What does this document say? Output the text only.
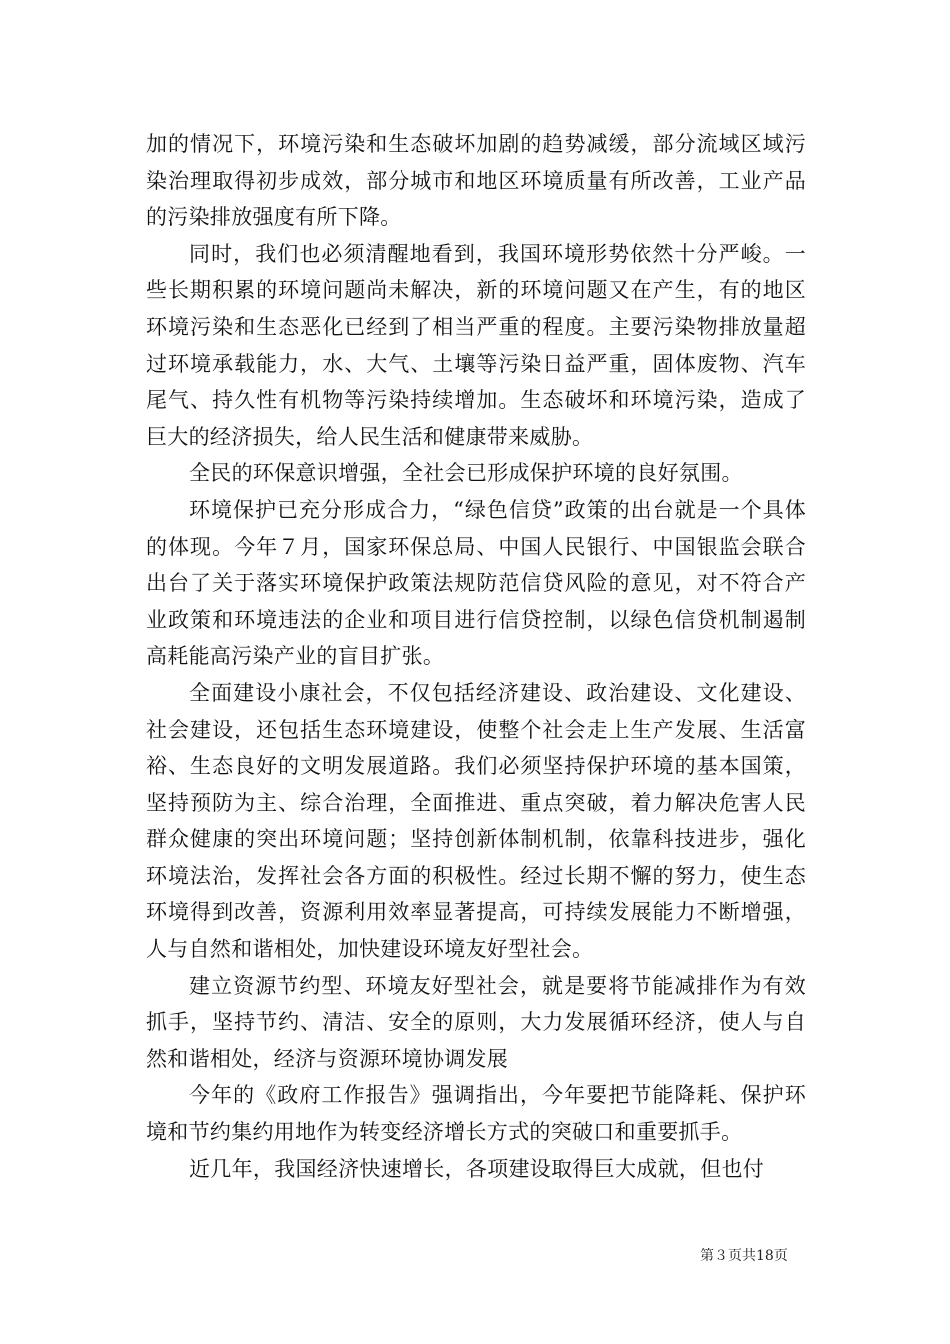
加的情况下，环境污染和生态破坏加剧的趋势减缓，部分流域区域污染治理取得初步成效，部分城市和地区环境质量有所改善，工业产品的污染排放强度有所下降。

同时，我们也必须清醒地看到，我国环境形势依然十分严峻。一些长期积累的环境问题尚未解决，新的环境问题又在产生，有的地区环境污染和生态恶化已经到了相当严重的程度。主要污染物排放量超过环境承载能力，水、大气、土壤等污染日益严重，固体废物、汽车尾气、持久性有机物等污染持续增加。生态破坏和环境污染，造成了巨大的经济损失，给人民生活和健康带来威胁。

全民的环保意识增强，全社会已形成保护环境的良好氛围。

环境保护已充分形成合力，“绿色信贷”政策的出台就是一个具体的体现。今年７月，国家环保总局、中国人民银行、中国银监会联合出台了关于落实环境保护政策法规防范信贷风险的意见，对不符合产业政策和环境违法的企业和项目进行信贷控制，以绿色信贷机制遏制高耗能高污染产业的盲目扩张。

全面建设小康社会，不仅包括经济建设、政治建设、文化建设、社会建设，还包括生态环境建设，使整个社会走上生产发展、生活富裕、生态良好的文明发展道路。我们必须坚持保护环境的基本国策，坚持预防为主、综合治理，全面推进、重点突破，着力解决危害人民群众健康的突出环境问题；坚持创新体制机制，依靠科技进步，强化环境法治，发挥社会各方面的积极性。经过长期不懈的努力，使生态环境得到改善，资源利用效率显著提高，可持续发展能力不断增强，人与自然和谐相处，加快建设环境友好型社会。

建立资源节约型、环境友好型社会，就是要将节能减排作为有效抓手，坚持节约、清洁、安全的原则，大力发展循环经济，使人与自然和谐相处，经济与资源环境协调发展

今年的《政府工作报告》强调指出，今年要把节能降耗、保护环境和节约集约用地作为转变经济增长方式的突破口和重要抓手。

近几年，我国经济快速增长，各项建设取得巨大成就，但也付

第３页共18页
